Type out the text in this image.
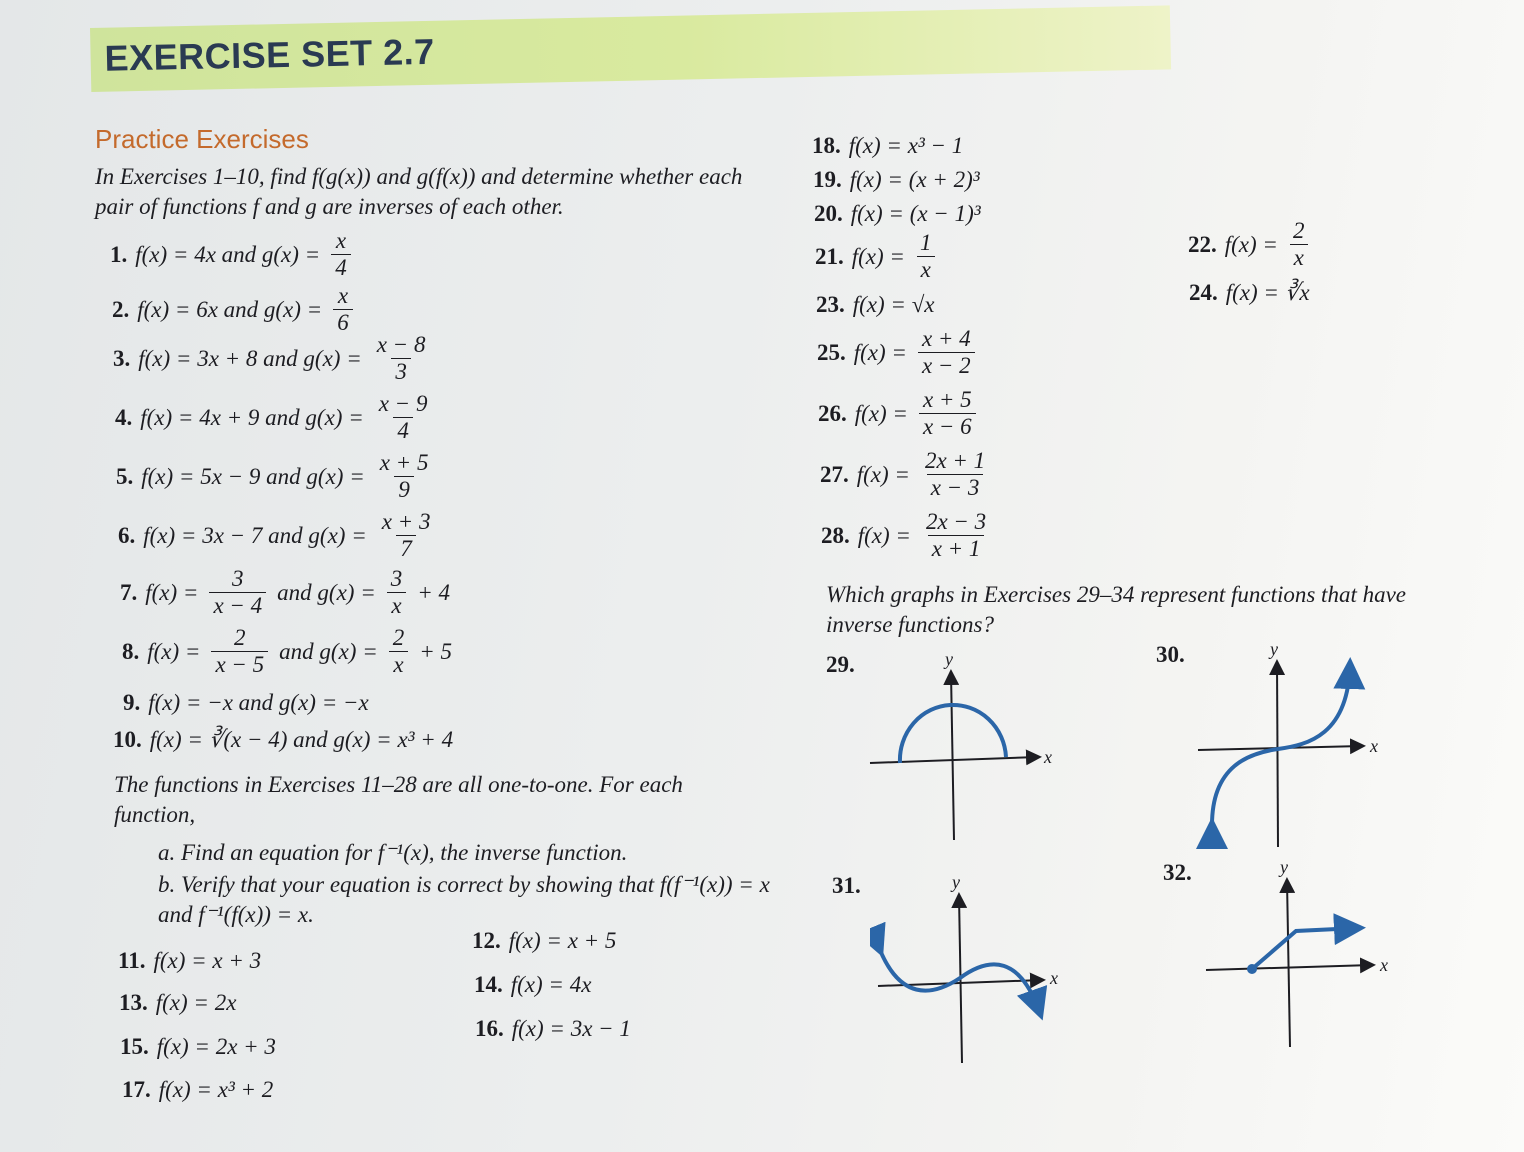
EXERCISE SET 2.7
Practice Exercises
In Exercises 1–10, find f(g(x)) and g(f(x)) and determine whether each pair of functions f and g are inverses of each other.
1. f(x) = 4x and $g(x) = \frac{x}{4}$
2. f(x) = 6x and $g(x) = \frac{x}{6}$
3. f(x) = 3x + 8 and $g(x) = \frac{x - 8}{3}$
4. f(x) = 4x + 9 and $g(x) = \frac{x - 9}{4}$
5. f(x) = 5x − 9 and $g(x) = \frac{x + 5}{9}$
6. f(x) = 3x − 7 and $g(x) = \frac{x + 3}{7}$
7. $f(x) = \frac{3}{x - 4}$ and $g(x) = \frac{3}{x} + 4$
8. $f(x) = \frac{2}{x - 5}$ and $g(x) = \frac{2}{x} + 5$
9. f(x) = −x and g(x) = −x
10. f(x) = ∛(x − 4) and g(x) = x³ + 4
The functions in Exercises 11–28 are all one-to-one. For each function,
a. Find an equation for f⁻¹(x), the inverse function.
b. Verify that your equation is correct by showing that f(f⁻¹(x)) = x and f⁻¹(f(x)) = x.
11. f(x) = x + 3
12. f(x) = x + 5
13. f(x) = 2x
14. f(x) = 4x
15. f(x) = 2x + 3
16. f(x) = 3x − 1
17. f(x) = x³ + 2
18. f(x) = x³ − 1
19. f(x) = (x + 2)³
20. f(x) = (x − 1)³
21. $f(x) = \frac{1}{x}$	22. $f(x) = \frac{2}{x}$
23. f(x) = √x	24. f(x) = ∛x
25. $f(x) = \frac{x + 4}{x - 2}$
26. $f(x) = \frac{x + 5}{x - 6}$
27. $f(x) = \frac{2x + 1}{x - 3}$
28. $f(x) = \frac{2x - 3}{x + 1}$
Which graphs in Exercises 29–34 represent functions that have inverse functions?
29.	30.
31.
32.
x
y
x
y
x
y
x
y
